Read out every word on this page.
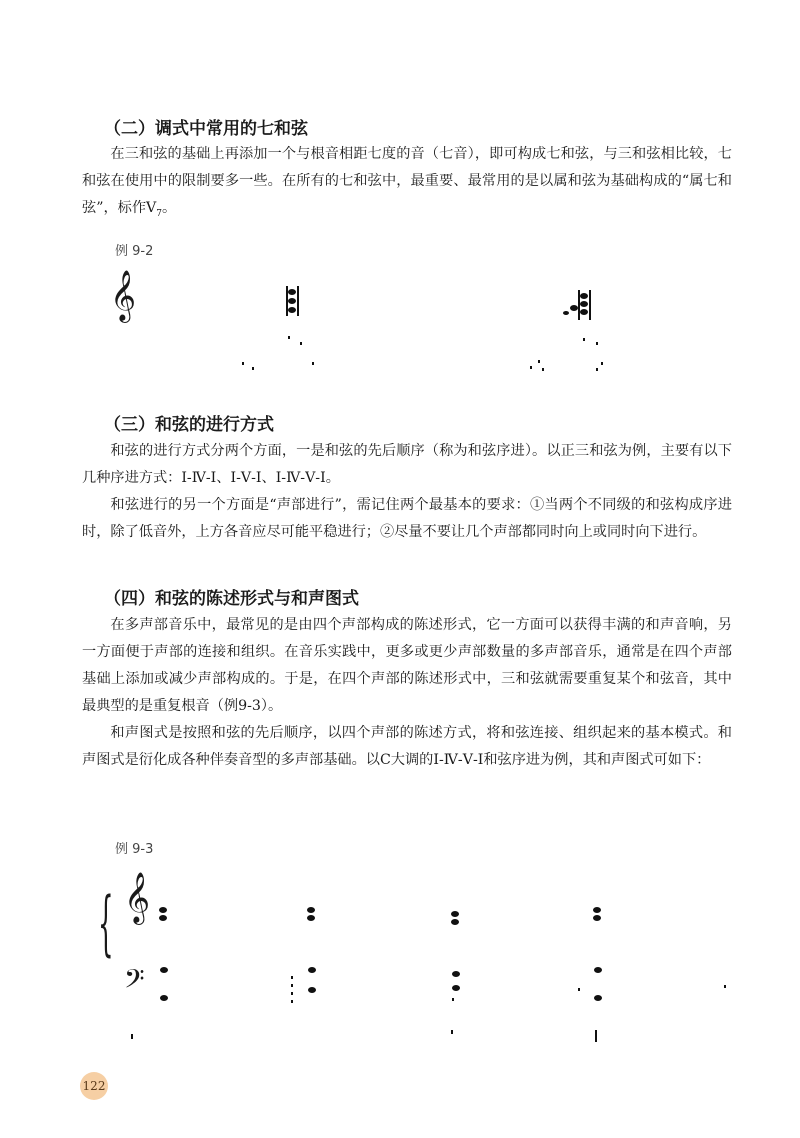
（二）调式中常用的七和弦

在三和弦的基础上再添加一个与根音相距七度的音（七音），即可构成七和弦，与三和弦相比较，七和弦在使用中的限制要多一些。在所有的七和弦中，最重要、最常用的是以属和弦为基础构成的“属七和弦”，标作$V_7$。

例 9-2
𝄞
（三）和弦的进行方式

和弦的进行方式分两个方面，一是和弦的先后顺序（称为和弦序进）。以正三和弦为例，主要有以下几种序进方式：Ⅰ-Ⅳ-Ⅰ、Ⅰ-Ⅴ-Ⅰ、Ⅰ-Ⅳ-Ⅴ-Ⅰ。

和弦进行的另一个方面是“声部进行”，需记住两个最基本的要求：①当两个不同级的和弦构成序进时，除了低音外，上方各音应尽可能平稳进行；②尽量不要让几个声部都同时向上或同时向下进行。

（四）和弦的陈述形式与和声图式

在多声部音乐中，最常见的是由四个声部构成的陈述形式，它一方面可以获得丰满的和声音响，另一方面便于声部的连接和组织。在音乐实践中，更多或更少声部数量的多声部音乐，通常是在四个声部基础上添加或减少声部构成的。于是，在四个声部的陈述形式中，三和弦就需要重复某个和弦音，其中最典型的是重复根音（例9-3）。

和声图式是按照和弦的先后顺序，以四个声部的陈述方式，将和弦连接、组织起来的基本模式。和声图式是衍化成各种伴奏音型的多声部基础。以C大调的Ⅰ-Ⅳ-Ⅴ-Ⅰ和弦序进为例，其和声图式可如下：

例 9-3
{ 𝄞
𝄢
122
